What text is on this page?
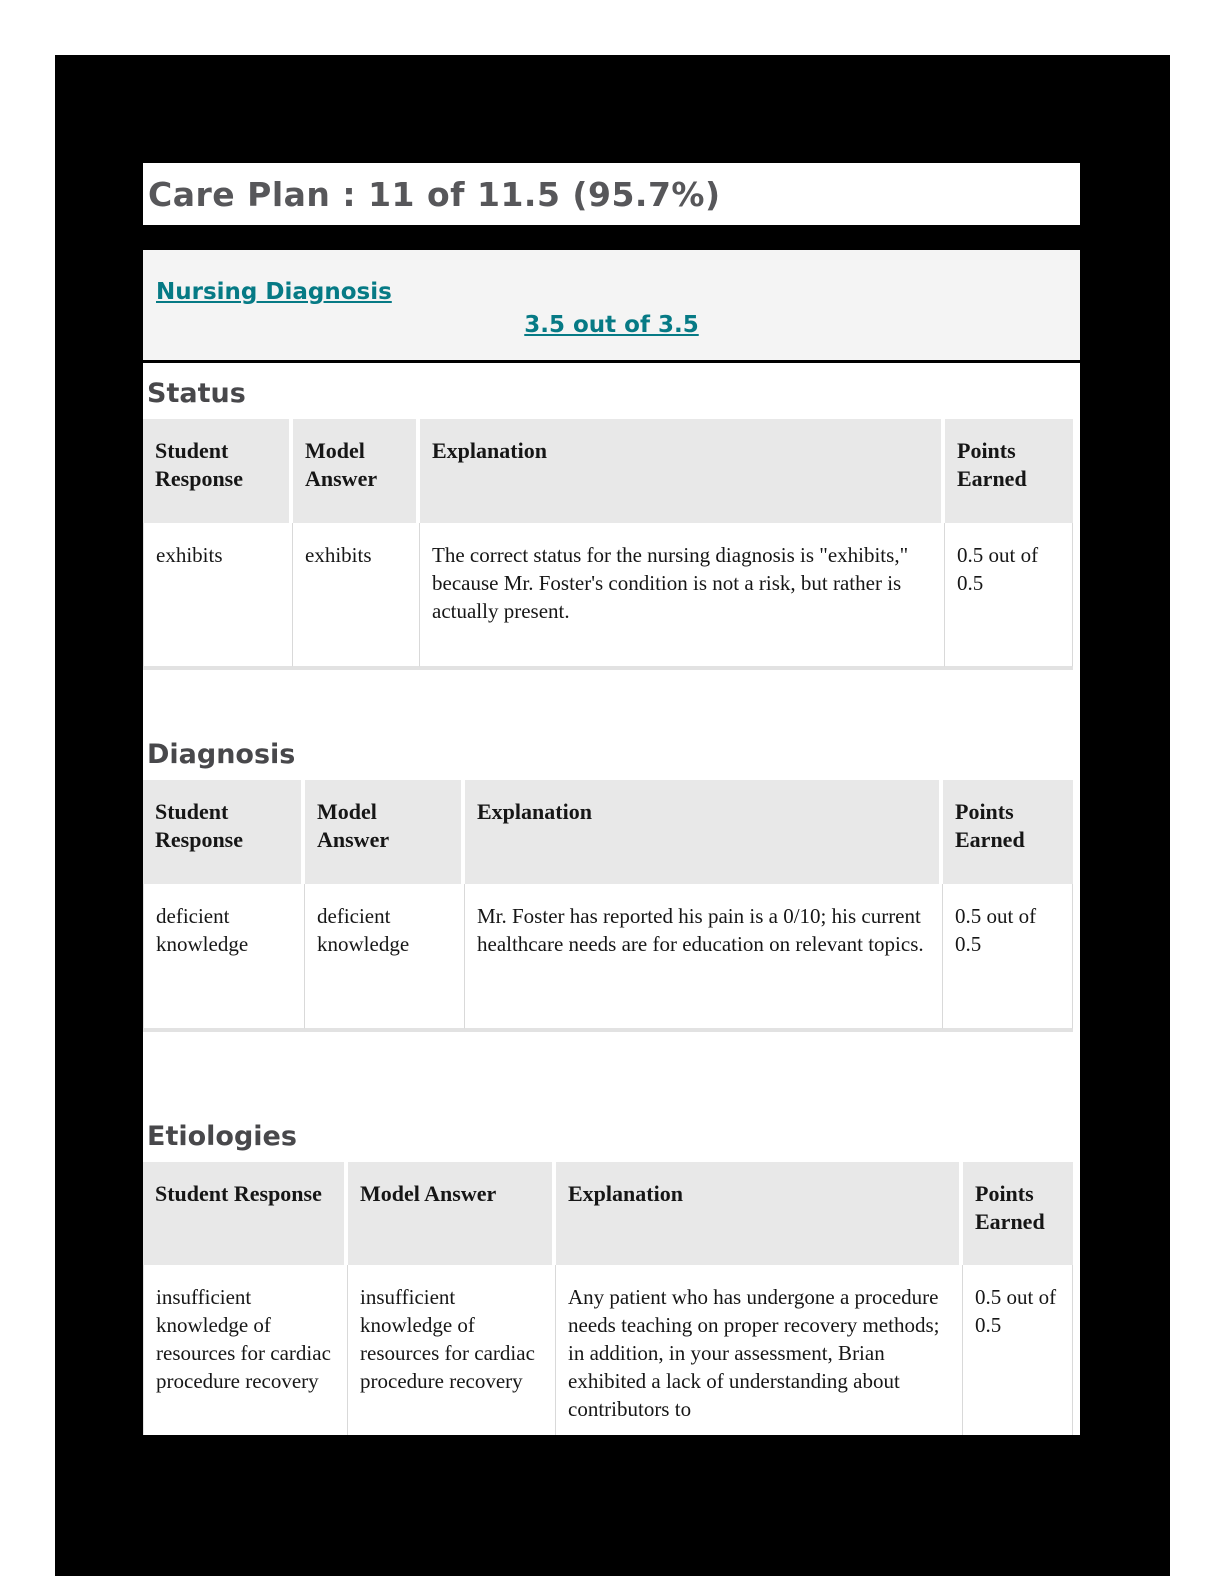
Care Plan : 11 of 11.5 (95.7%)
Nursing Diagnosis
3.5 out of 3.5
Status
Student Response	Model Answer	Explanation	Points Earned
exhibits	exhibits	The correct status for the nursing diagnosis is "exhibits," because Mr. Foster's condition is not a risk, but rather is actually present.	0.5 out of 0.5
Diagnosis
Student Response	Model Answer	Explanation	Points Earned
deficient knowledge	deficient knowledge	Mr. Foster has reported his pain is a 0/10; his current healthcare needs are for education on relevant topics.	0.5 out of 0.5
Etiologies
Student Response	Model Answer	Explanation	Points Earned
insufficient knowledge of resources for cardiac procedure recovery	insufficient knowledge of resources for cardiac procedure recovery	Any patient who has undergone a procedure needs teaching on proper recovery methods; in addition, in your assessment, Brian exhibited a lack of understanding about contributors to	0.5 out of 0.5
